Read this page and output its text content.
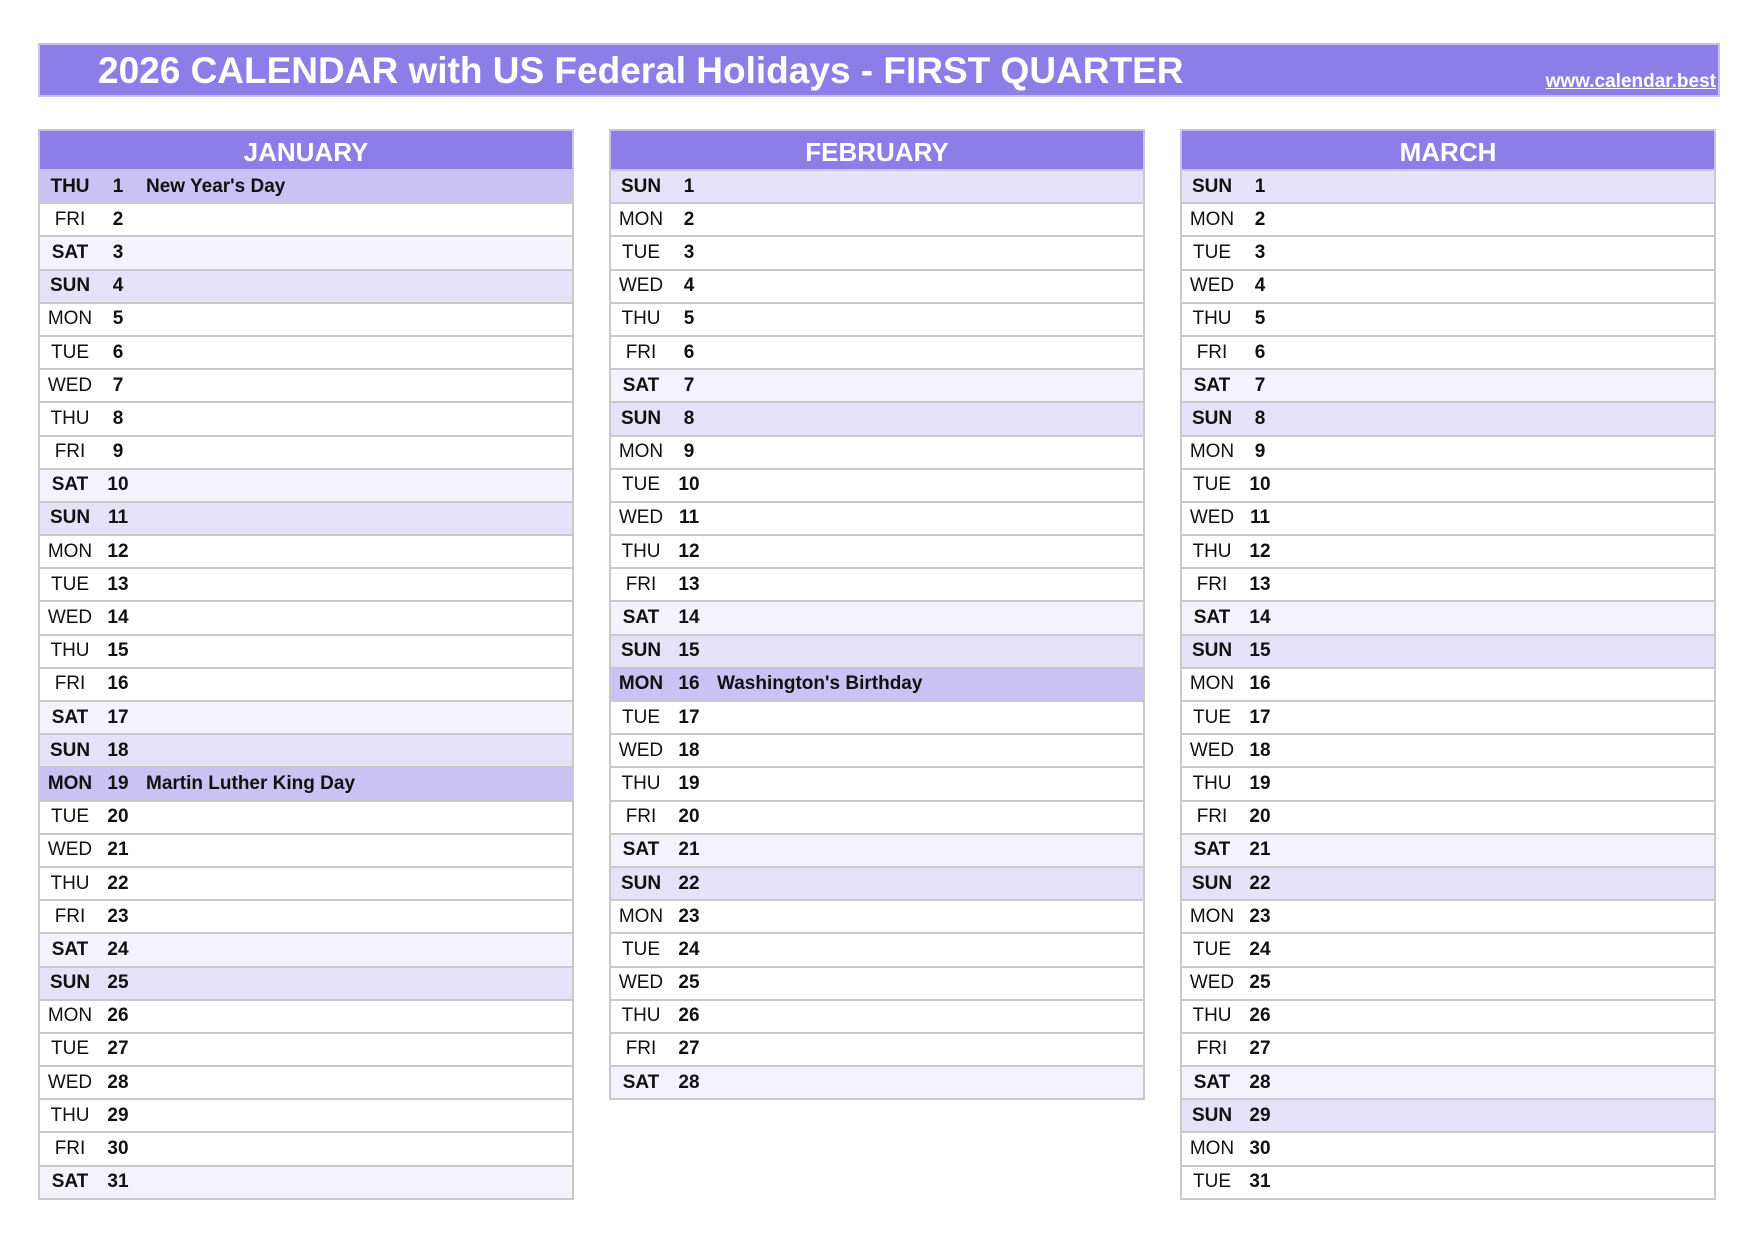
2026 CALENDAR with US Federal Holidays - FIRST QUARTER	www.calendar.best
JANUARY
THU	1	New Year's Day
FRI	2
SAT	3
SUN	4
MON	5
TUE	6
WED	7
THU	8
FRI	9
SAT	10
SUN 11
MON 12
TUE 13
WED 14
THU 15
FRI	16
SAT	17
SUN 18
MON 19 Martin Luther King Day
TUE 20
WED 21
THU 22
FRI	23
SAT	24
SUN 25
MON 26
TUE 27
WED 28
THU 29
FRI	30
SAT	31
FEBRUARY
SUN	1
MON	2
TUE	3
WED	4
THU	5
FRI	6
SAT	7
SUN	8
MON	9
TUE 10
WED 11
THU 12
FRI	13
SAT	14
SUN 15
MON 16 Washington's Birthday
TUE 17
WED 18
THU 19
FRI	20
SAT	21
SUN 22
MON 23
TUE 24
WED 25
THU 26
FRI	27
SAT	28
MARCH
SUN	1
MON	2
TUE	3
WED	4
THU	5
FRI	6
SAT	7
SUN	8
MON	9
TUE 10
WED 11
THU 12
FRI	13
SAT	14
SUN 15
MON 16
TUE 17
WED 18
THU 19
FRI	20
SAT	21
SUN 22
MON 23
TUE 24
WED 25
THU 26
FRI	27
SAT	28
SUN 29
MON 30
TUE 31
